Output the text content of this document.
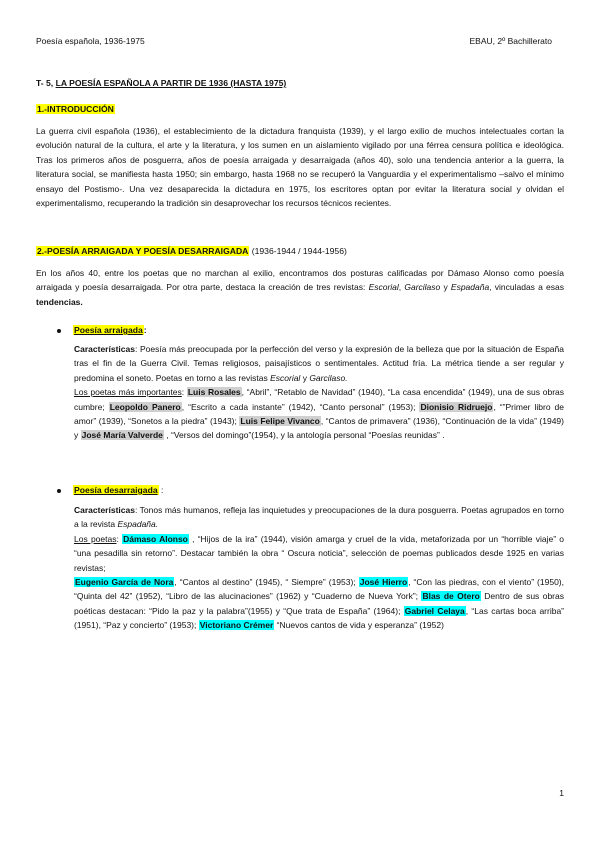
Poesía española, 1936-1975	EBAU, 2º Bachillerato
T- 5, LA POESÍA ESPAÑOLA A PARTIR DE 1936 (HASTA 1975)
1.-INTRODUCCIÓN
La guerra civil española (1936), el establecimiento de la dictadura franquista (1939), y el largo exilio de muchos intelectuales cortan la evolución natural de la cultura, el arte y la literatura, y los sumen en un aislamiento vigilado por una férrea censura política e ideológica. Tras los primeros años de posguerra, años de poesía arraigada y desarraigada (años 40), solo una tendencia anterior a la guerra, la literatura social, se manifiesta hasta 1950; sin embargo, hasta 1968 no se recuperó la Vanguardia y el experimentalismo –salvo el mínimo ensayo del Postismo-. Una vez desaparecida la dictadura en 1975, los escritores optan por evitar la literatura social y olvidan el experimentalismo, recuperando la tradición sin desaprovechar los recursos técnicos recientes.
2.-POESÍA ARRAIGADA Y POESÍA DESARRAIGADA (1936-1944 / 1944-1956)
En los años 40, entre los poetas que no marchan al exilio, encontramos dos posturas calificadas por Dámaso Alonso como poesía arraigada y poesía desarraigada. Por otra parte, destaca la creación de tres revistas: Escorial, Garcilaso y Espadaña, vinculadas a esas tendencias.
Poesía arraigada:
Características: Poesía más preocupada por la perfección del verso y la expresión de la belleza que por la situación de España tras el fin de la Guerra Civil. Temas religiosos, paisajísticos o sentimentales. Actitud fría. La métrica tiende a ser regular y predomina el soneto. Poetas en torno a las revistas Escorial y Garcilaso.
Los poetas más importantes: Luis Rosales, “Abril”, “Retablo de Navidad” (1940), “La casa encendida” (1949), una de sus obras cumbre; Leopoldo Panero, “Escrito a cada instante” (1942), “Canto personal” (1953); Dionisio Ridruejo, “”Primer libro de amor” (1939), “Sonetos a la piedra” (1943); Luis Felipe Vivanco, “Cantos de primavera” (1936), “Continuación de la vida” (1949) y José María Valverde , “Versos del domingo”(1954), y la antología personal “Poesías reunidas” .
Poesía desarraigada :
Características: Tonos más humanos, refleja las inquietudes y preocupaciones de la dura posguerra. Poetas agrupados en torno a la revista Espadaña.
Los poetas: Dámaso Alonso , “Hijos de la ira” (1944), visión amarga y cruel de la vida, metaforizada por un “horrible viaje” o “una pesadilla sin retorno”. Destacar también la obra “ Oscura noticia”, selección de poemas publicados desde 1925 en varias revistas;
Eugenio García de Nora, “Cantos al destino” (1945), “ Siempre” (1953); José Hierro, “Con las piedras, con el viento” (1950), “Quinta del 42” (1952), “Libro de las alucinaciones” (1962) y “Cuaderno de Nueva York”; Blas de Otero Dentro de sus obras poéticas destacan: “Pido la paz y la palabra”(1955) y “Que trata de España” (1964); Gabriel Celaya, “Las cartas boca arriba” (1951), “Paz y concierto” (1953); Victoriano Crémer “Nuevos cantos de vida y esperanza” (1952)
1
